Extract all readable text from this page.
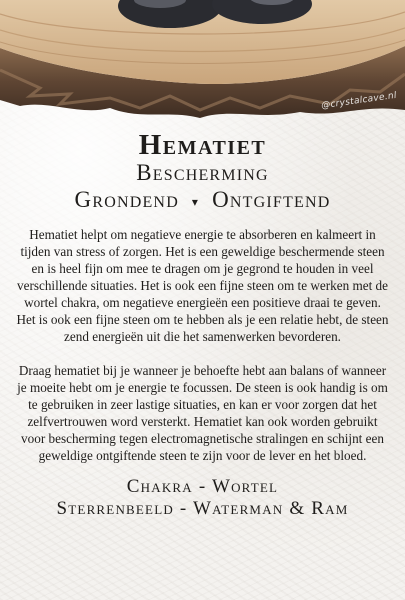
@crystalcave.nl
Hematiet
Bescherming
Grondend ▾ Ontgiftend

Hematiet helpt om negatieve energie te absorberen en kalmeert in tijden van stress of zorgen. Het is een geweldige beschermende steen en is heel fijn om mee te dragen om je gegrond te houden in veel verschillende situaties. Het is ook een fijne steen om te werken met de wortel chakra, om negatieve energieën een positieve draai te geven. Het is ook een fijne steen om te hebben als je een relatie hebt, de steen zend energieën uit die het samenwerken bevorderen.

Draag hematiet bij je wanneer je behoefte hebt aan balans of wanneer je moeite hebt om je energie te focussen. De steen is ook handig is om te gebruiken in zeer lastige situaties, en kan er voor zorgen dat het zelfvertrouwen word versterkt. Hematiet kan ook worden gebruikt voor bescherming tegen electromagnetische stralingen en schijnt een geweldige ontgiftende steen te zijn voor de lever en het bloed.

Chakra - Wortel
Sterrenbeeld - Waterman & Ram
